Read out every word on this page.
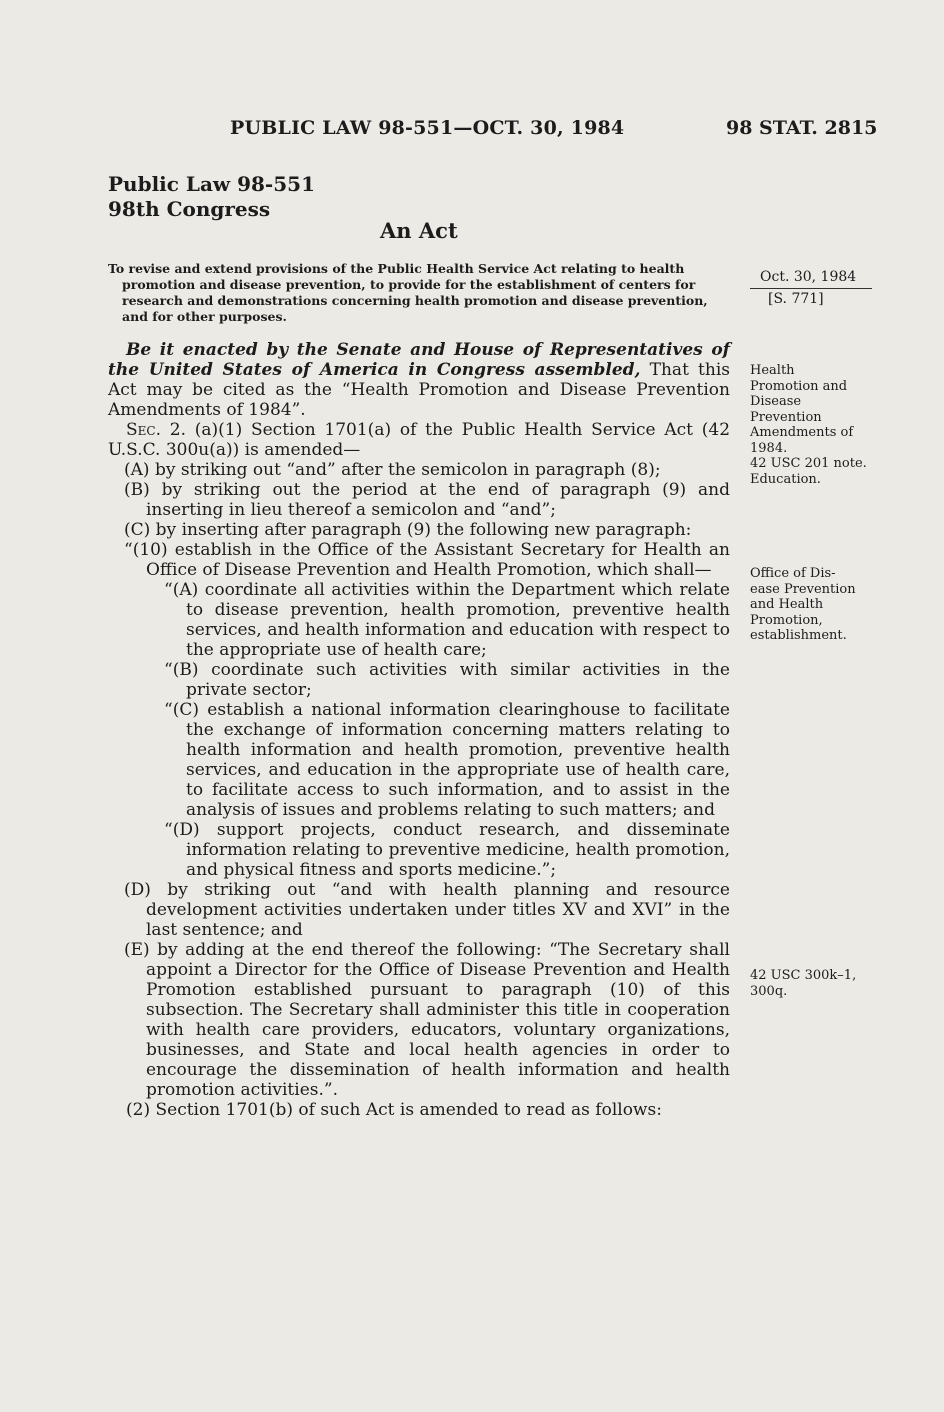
PUBLIC LAW 98-551—OCT. 30, 1984	98 STAT. 2815
Public Law 98-551
98th Congress
An Act
To revise and extend provisions of the Public Health Service Act relating to health promotion and disease prevention, to provide for the establishment of centers for research and demonstrations concerning health promotion and disease prevention, and for other purposes.
Oct. 30, 1984
[S. 771]
Health
Promotion and
Disease
Prevention
Amendments of
1984.
42 USC 201 note.
Education.
Office of Dis-
ease Prevention
and Health
Promotion,
establishment.
42 USC 300k–1,
300q.

Be it enacted by the Senate and House of Representatives of the United States of America in Congress assembled, That this Act may be cited as the “Health Promotion and Disease Prevention Amendments of 1984”.

Sec. 2. (a)(1) Section 1701(a) of the Public Health Service Act (42 U.S.C. 300u(a)) is amended—

(A) by striking out “and” after the semicolon in paragraph (8);

(B) by striking out the period at the end of paragraph (9) and inserting in lieu thereof a semicolon and “and”;

(C) by inserting after paragraph (9) the following new paragraph:

“(10) establish in the Office of the Assistant Secretary for Health an Office of Disease Prevention and Health Promotion, which shall—

“(A) coordinate all activities within the Department which relate to disease prevention, health promotion, preventive health services, and health information and education with respect to the appropriate use of health care;

“(B) coordinate such activities with similar activities in the private sector;

“(C) establish a national information clearinghouse to facilitate the exchange of information concerning matters relating to health information and health promotion, preventive health services, and education in the appropriate use of health care, to facilitate access to such information, and to assist in the analysis of issues and problems relating to such matters; and

“(D) support projects, conduct research, and disseminate information relating to preventive medicine, health promotion, and physical fitness and sports medicine.”;

(D) by striking out “and with health planning and resource development activities undertaken under titles XV and XVI” in the last sentence; and

(E) by adding at the end thereof the following: “The Secretary shall appoint a Director for the Office of Disease Prevention and Health Promotion established pursuant to paragraph (10) of this subsection. The Secretary shall administer this title in cooperation with health care providers, educators, voluntary organizations, businesses, and State and local health agencies in order to encourage the dissemination of health information and health promotion activities.”.

(2) Section 1701(b) of such Act is amended to read as follows:
